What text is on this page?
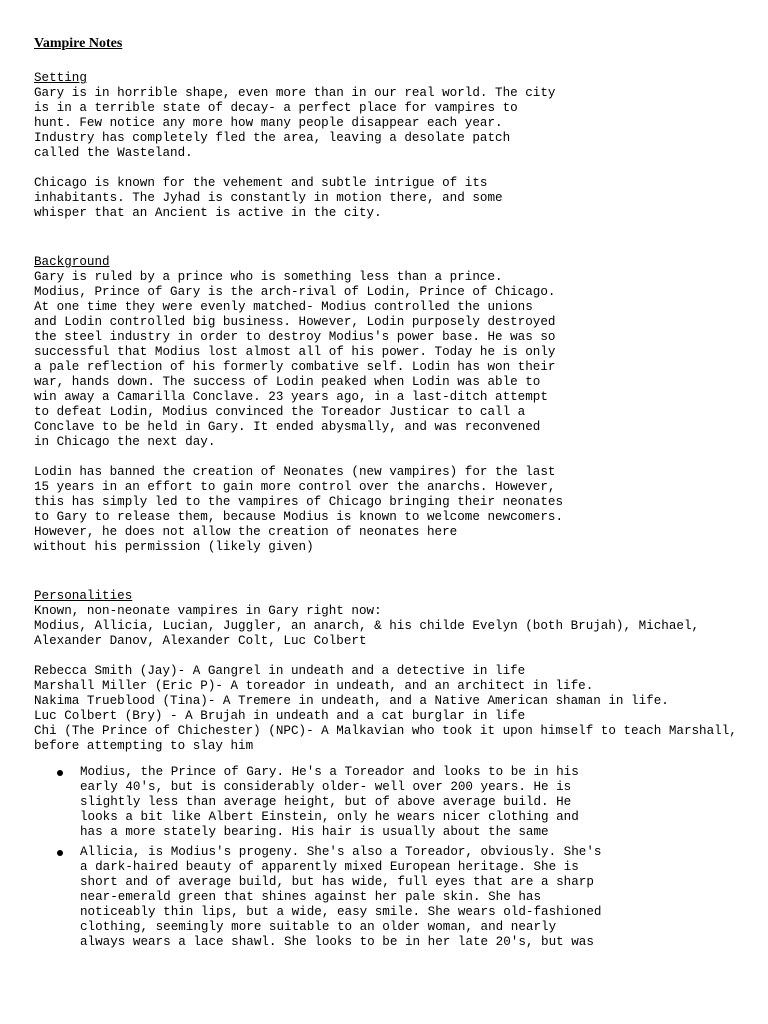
Vampire Notes
Setting
Gary is in horrible shape, even more than in our real world. The city
is in a terrible state of decay- a perfect place for vampires to
hunt. Few notice any more how many people disappear each year.
Industry has completely fled the area, leaving a desolate patch
called the Wasteland.
Chicago is known for the vehement and subtle intrigue of its
inhabitants. The Jyhad is constantly in motion there, and some
whisper that an Ancient is active in the city.
Background
Gary is ruled by a prince who is something less than a prince.
Modius, Prince of Gary is the arch-rival of Lodin, Prince of Chicago.
At one time they were evenly matched- Modius controlled the unions
and Lodin controlled big business. However, Lodin purposely destroyed
the steel industry in order to destroy Modius's power base. He was so
successful that Modius lost almost all of his power. Today he is only
a pale reflection of his formerly combative self. Lodin has won their
war, hands down. The success of Lodin peaked when Lodin was able to
win away a Camarilla Conclave. 23 years ago, in a last-ditch attempt
to defeat Lodin, Modius convinced the Toreador Justicar to call a
Conclave to be held in Gary. It ended abysmally, and was reconvened
in Chicago the next day.
Lodin has banned the creation of Neonates (new vampires) for the last
15 years in an effort to gain more control over the anarchs. However,
this has simply led to the vampires of Chicago bringing their neonates
to Gary to release them, because Modius is known to welcome newcomers.
However, he does not allow the creation of neonates here
without his permission (likely given)
Personalities
Known, non-neonate vampires in Gary right now:
Modius, Allicia, Lucian, Juggler, an anarch, & his childe Evelyn (both Brujah), Michael,
Alexander Danov, Alexander Colt, Luc Colbert
Rebecca Smith (Jay)- A Gangrel in undeath and a detective in life
Marshall Miller (Eric P)- A toreador in undeath, and an architect in life.
Nakima Trueblood (Tina)- A Tremere in undeath, and a Native American shaman in life.
Luc Colbert (Bry) - A Brujah in undeath and a cat burglar in life
Chi (The Prince of Chichester) (NPC)- A Malkavian who took it upon himself to teach Marshall,
before attempting to slay him
Modius, the Prince of Gary. He's a Toreador and looks to be in his
early 40's, but is considerably older- well over 200 years. He is
slightly less than average height, but of above average build. He
looks a bit like Albert Einstein, only he wears nicer clothing and
has a more stately bearing. His hair is usually about the same
Allicia, is Modius's progeny. She's also a Toreador, obviously. She's
a dark-haired beauty of apparently mixed European heritage. She is
short and of average build, but has wide, full eyes that are a sharp
near-emerald green that shines against her pale skin. She has
noticeably thin lips, but a wide, easy smile. She wears old-fashioned
clothing, seemingly more suitable to an older woman, and nearly
always wears a lace shawl. She looks to be in her late 20's, but was
